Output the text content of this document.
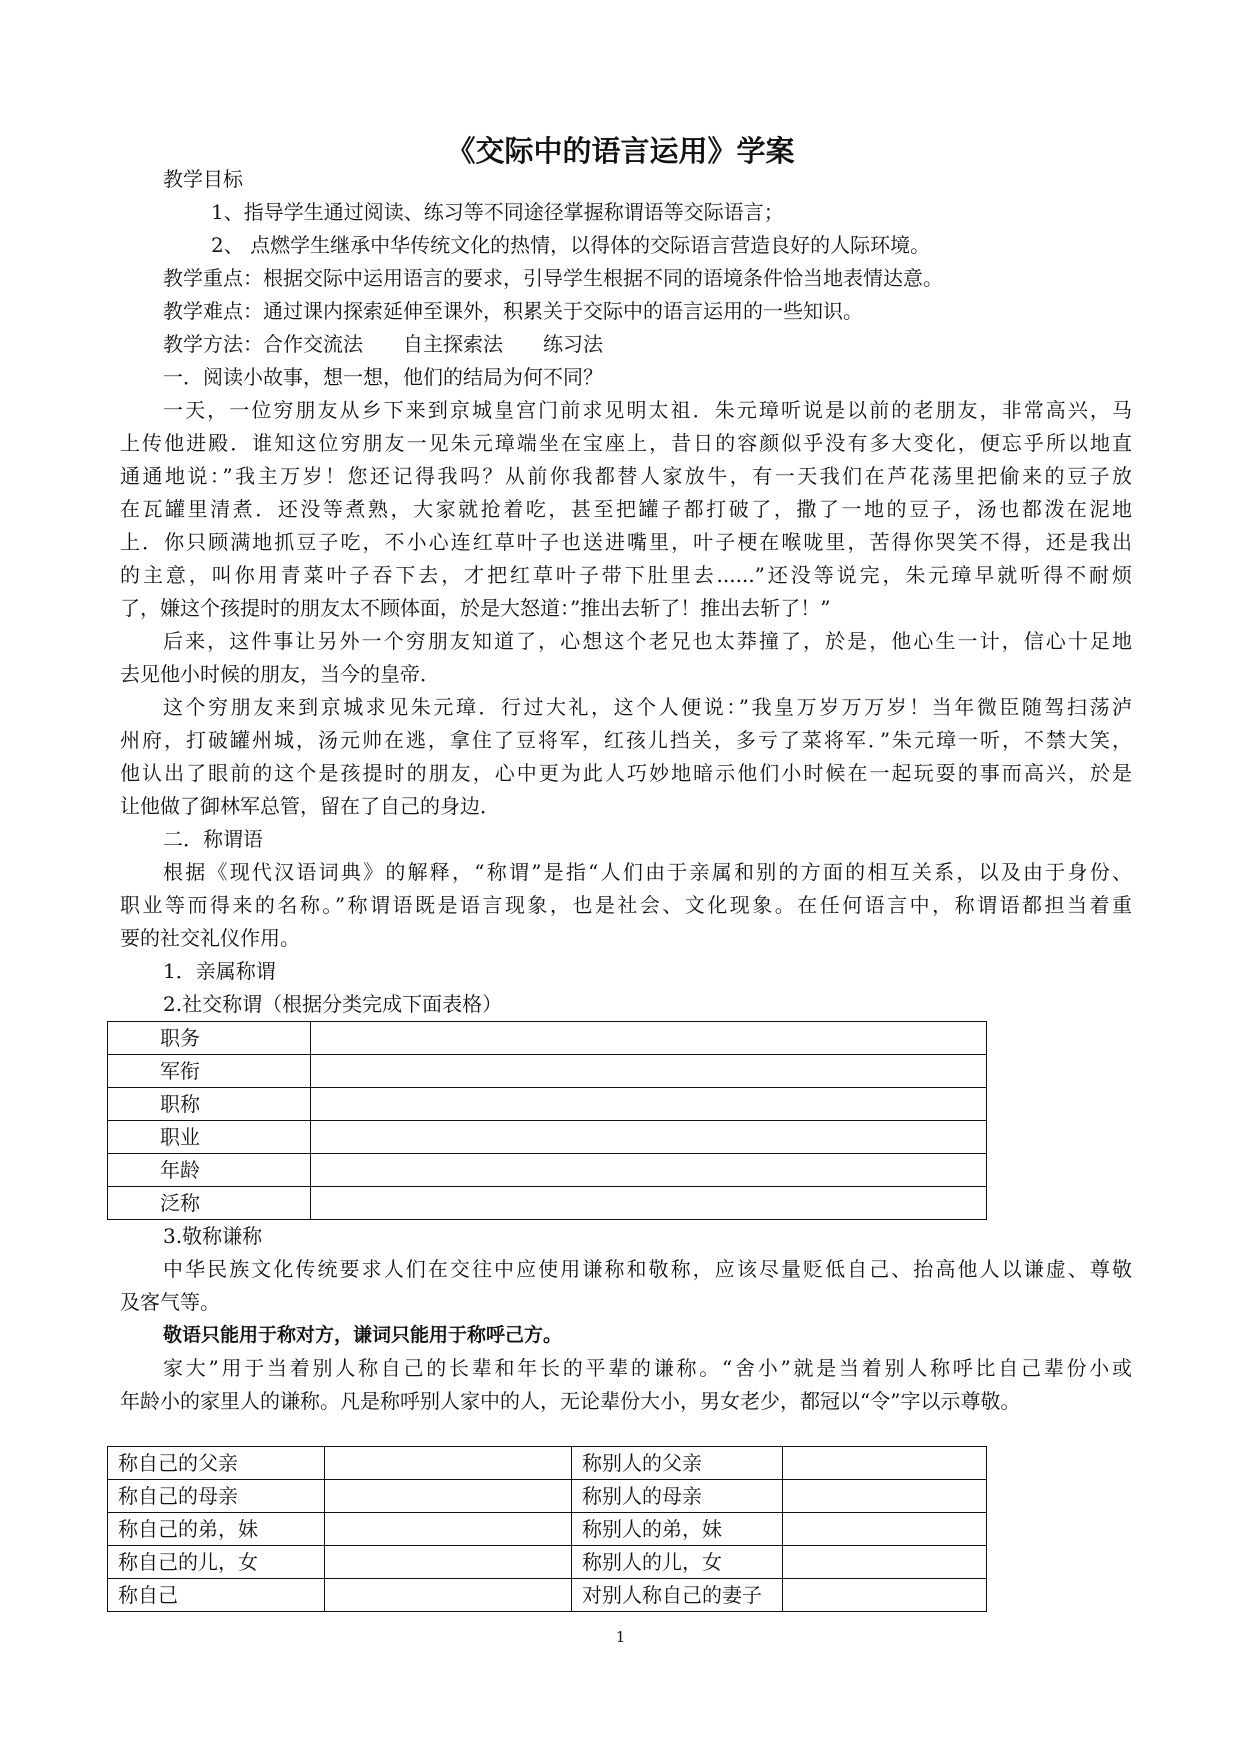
《交际中的语言运用》学案
教学目标
1、指导学生通过阅读、练习等不同途径掌握称谓语等交际语言；
2、 点燃学生继承中华传统文化的热情，以得体的交际语言营造良好的人际环境。
教学重点：根据交际中运用语言的要求，引导学生根据不同的语境条件恰当地表情达意。
教学难点：通过课内探索延伸至课外，积累关于交际中的语言运用的一些知识。
教学方法：合作交流法　　自主探索法　　练习法
一．阅读小故事，想一想，他们的结局为何不同？
一天，一位穷朋友从乡下来到京城皇宫门前求见明太祖．朱元璋听说是以前的老朋友，非常高兴，马
上传他进殿．谁知这位穷朋友一见朱元璋端坐在宝座上，昔日的容颜似乎没有多大变化，便忘乎所以地直
通通地说：”我主万岁！您还记得我吗？从前你我都替人家放牛，有一天我们在芦花荡里把偷来的豆子放
在瓦罐里清煮．还没等煮熟，大家就抢着吃，甚至把罐子都打破了，撒了一地的豆子，汤也都泼在泥地
上．你只顾满地抓豆子吃，不小心连红草叶子也送进嘴里，叶子梗在喉咙里，苦得你哭笑不得，还是我出
的主意，叫你用青菜叶子吞下去，才把红草叶子带下肚里去......”还没等说完，朱元璋早就听得不耐烦
了，嫌这个孩提时的朋友太不顾体面，於是大怒道：”推出去斩了！推出去斩了！”
后来，这件事让另外一个穷朋友知道了，心想这个老兄也太莽撞了，於是，他心生一计，信心十足地
去见他小时候的朋友，当今的皇帝．
这个穷朋友来到京城求见朱元璋．行过大礼，这个人便说：”我皇万岁万万岁！当年微臣随驾扫荡泸
州府，打破罐州城，汤元帅在逃，拿住了豆将军，红孩儿挡关，多亏了菜将军．”朱元璋一听，不禁大笑，
他认出了眼前的这个是孩提时的朋友，心中更为此人巧妙地暗示他们小时候在一起玩耍的事而高兴，於是
让他做了御林军总管，留在了自己的身边．
二．称谓语
根据《现代汉语词典》的解释，“称谓”是指“人们由于亲属和别的方面的相互关系，以及由于身份、
职业等而得来的名称。”称谓语既是语言现象，也是社会、文化现象。在任何语言中，称谓语都担当着重
要的社交礼仪作用。
1．亲属称谓
2.社交称谓（根据分类完成下面表格）
职务	
军衔	
职称	
职业	
年龄	
泛称	
3.敬称谦称
中华民族文化传统要求人们在交往中应使用谦称和敬称，应该尽量贬低自己、抬高他人以谦虚、尊敬
及客气等。
敬语只能用于称对方，谦词只能用于称呼己方。
家大”用于当着别人称自己的长辈和年长的平辈的谦称。“舍小”就是当着别人称呼比自己辈份小或
年龄小的家里人的谦称。凡是称呼别人家中的人，无论辈份大小，男女老少，都冠以“令”字以示尊敬。
称自己的父亲		称别人的父亲	
称自己的母亲		称别人的母亲	
称自己的弟，妹		称别人的弟，妹	
称自己的儿，女		称别人的儿，女	
称自己		对别人称自己的妻子	
1
